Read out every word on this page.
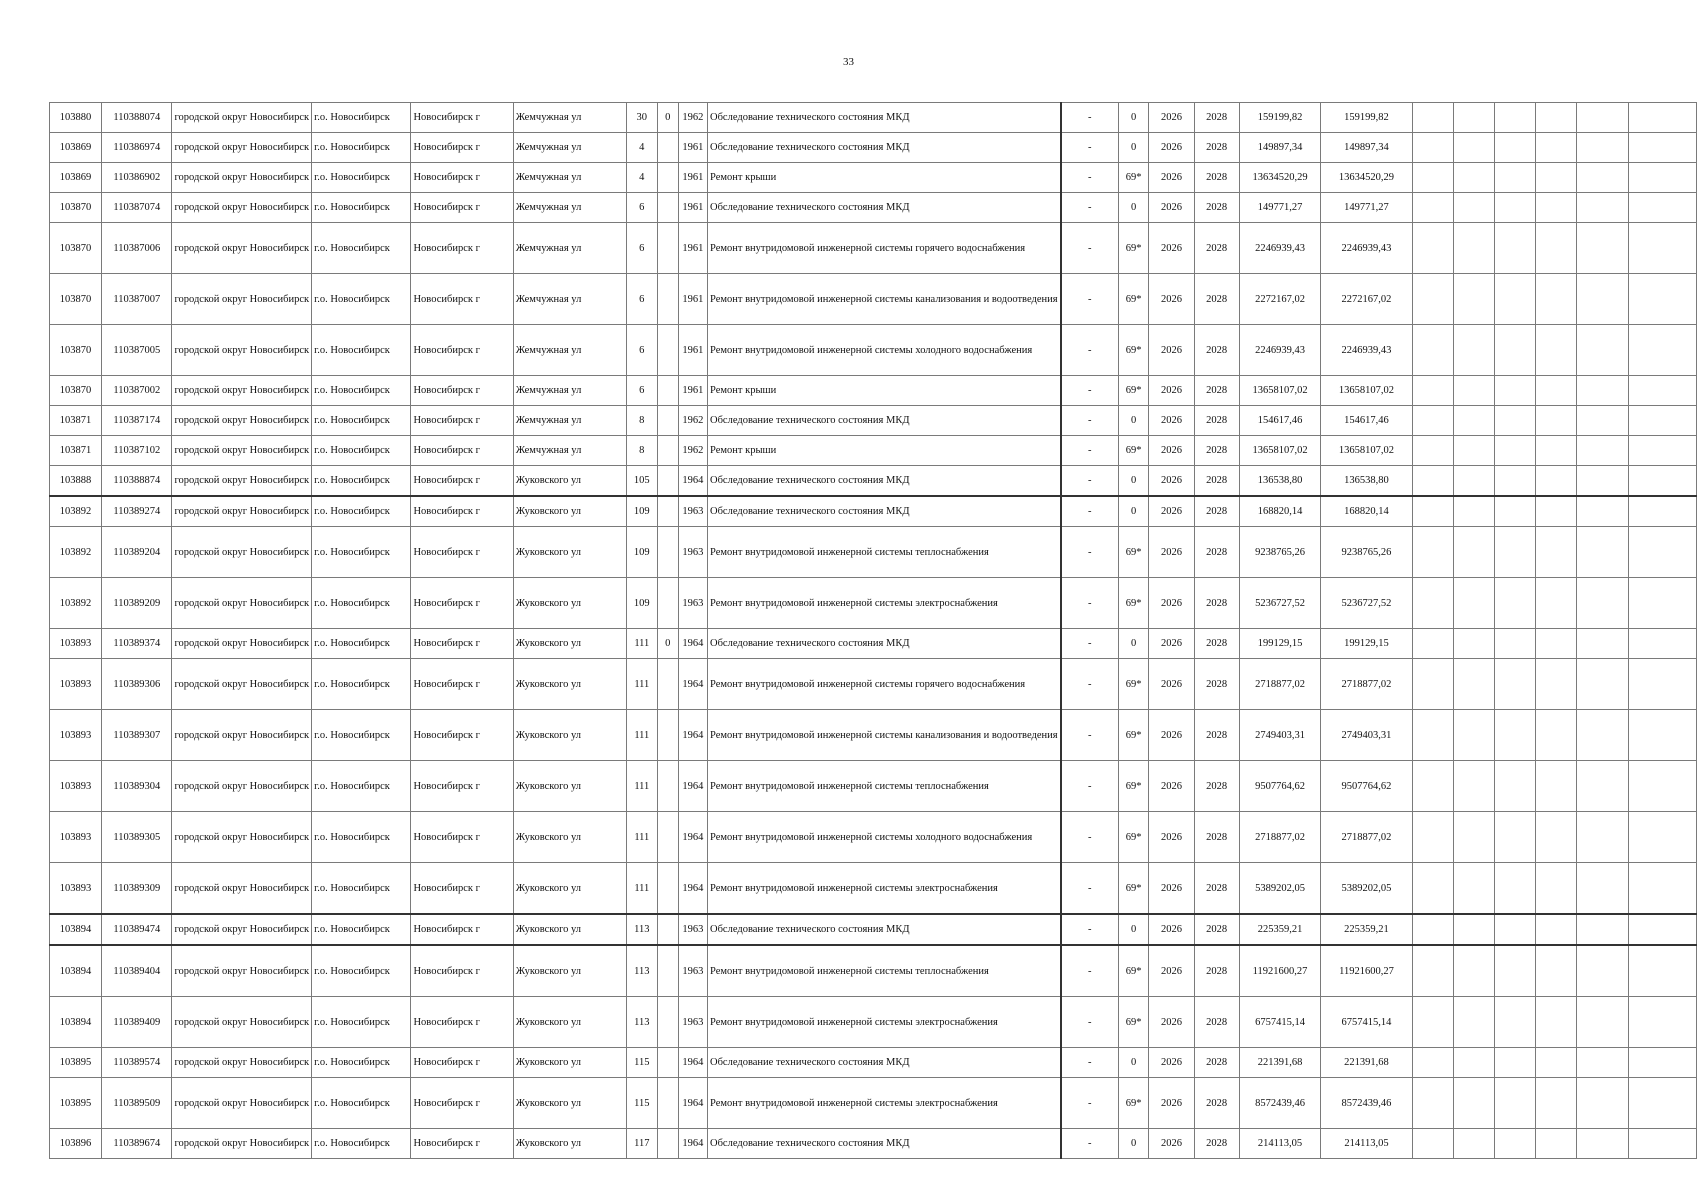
33
103880	110388074	городской округ Новосибирск	г.о. Новосибирск	Новосибирск г	Жемчужная ул	30	0	1962	Обследование технического состояния МКД	-	0	2026	2028	159199,82	159199,82						
103869	110386974	городской округ Новосибирск	г.о. Новосибирск	Новосибирск г	Жемчужная ул	4		1961	Обследование технического состояния МКД	-	0	2026	2028	149897,34	149897,34						
103869	110386902	городской округ Новосибирск	г.о. Новосибирск	Новосибирск г	Жемчужная ул	4		1961	Ремонт крыши	-	69*	2026	2028	13634520,29	13634520,29						
103870	110387074	городской округ Новосибирск	г.о. Новосибирск	Новосибирск г	Жемчужная ул	6		1961	Обследование технического состояния МКД	-	0	2026	2028	149771,27	149771,27						
103870	110387006	городской округ Новосибирск	г.о. Новосибирск	Новосибирск г	Жемчужная ул	6		1961	Ремонт внутридомовой инженерной системы горячего водоснабжения	-	69*	2026	2028	2246939,43	2246939,43						
103870	110387007	городской округ Новосибирск	г.о. Новосибирск	Новосибирск г	Жемчужная ул	6		1961	Ремонт внутридомовой инженерной системы канализования и водоотведения	-	69*	2026	2028	2272167,02	2272167,02						
103870	110387005	городской округ Новосибирск	г.о. Новосибирск	Новосибирск г	Жемчужная ул	6		1961	Ремонт внутридомовой инженерной системы холодного водоснабжения	-	69*	2026	2028	2246939,43	2246939,43						
103870	110387002	городской округ Новосибирск	г.о. Новосибирск	Новосибирск г	Жемчужная ул	6		1961	Ремонт крыши	-	69*	2026	2028	13658107,02	13658107,02						
103871	110387174	городской округ Новосибирск	г.о. Новосибирск	Новосибирск г	Жемчужная ул	8		1962	Обследование технического состояния МКД	-	0	2026	2028	154617,46	154617,46						
103871	110387102	городской округ Новосибирск	г.о. Новосибирск	Новосибирск г	Жемчужная ул	8		1962	Ремонт крыши	-	69*	2026	2028	13658107,02	13658107,02						
103888	110388874	городской округ Новосибирск	г.о. Новосибирск	Новосибирск г	Жуковского ул	105		1964	Обследование технического состояния МКД	-	0	2026	2028	136538,80	136538,80						
103892	110389274	городской округ Новосибирск	г.о. Новосибирск	Новосибирск г	Жуковского ул	109		1963	Обследование технического состояния МКД	-	0	2026	2028	168820,14	168820,14						
103892	110389204	городской округ Новосибирск	г.о. Новосибирск	Новосибирск г	Жуковского ул	109		1963	Ремонт внутридомовой инженерной системы теплоснабжения	-	69*	2026	2028	9238765,26	9238765,26						
103892	110389209	городской округ Новосибирск	г.о. Новосибирск	Новосибирск г	Жуковского ул	109		1963	Ремонт внутридомовой инженерной системы электроснабжения	-	69*	2026	2028	5236727,52	5236727,52						
103893	110389374	городской округ Новосибирск	г.о. Новосибирск	Новосибирск г	Жуковского ул	111	0	1964	Обследование технического состояния МКД	-	0	2026	2028	199129,15	199129,15						
103893	110389306	городской округ Новосибирск	г.о. Новосибирск	Новосибирск г	Жуковского ул	111		1964	Ремонт внутридомовой инженерной системы горячего водоснабжения	-	69*	2026	2028	2718877,02	2718877,02						
103893	110389307	городской округ Новосибирск	г.о. Новосибирск	Новосибирск г	Жуковского ул	111		1964	Ремонт внутридомовой инженерной системы канализования и водоотведения	-	69*	2026	2028	2749403,31	2749403,31						
103893	110389304	городской округ Новосибирск	г.о. Новосибирск	Новосибирск г	Жуковского ул	111		1964	Ремонт внутридомовой инженерной системы теплоснабжения	-	69*	2026	2028	9507764,62	9507764,62						
103893	110389305	городской округ Новосибирск	г.о. Новосибирск	Новосибирск г	Жуковского ул	111		1964	Ремонт внутридомовой инженерной системы холодного водоснабжения	-	69*	2026	2028	2718877,02	2718877,02						
103893	110389309	городской округ Новосибирск	г.о. Новосибирск	Новосибирск г	Жуковского ул	111		1964	Ремонт внутридомовой инженерной системы электроснабжения	-	69*	2026	2028	5389202,05	5389202,05						
103894	110389474	городской округ Новосибирск	г.о. Новосибирск	Новосибирск г	Жуковского ул	113		1963	Обследование технического состояния МКД	-	0	2026	2028	225359,21	225359,21						
103894	110389404	городской округ Новосибирск	г.о. Новосибирск	Новосибирск г	Жуковского ул	113		1963	Ремонт внутридомовой инженерной системы теплоснабжения	-	69*	2026	2028	11921600,27	11921600,27						
103894	110389409	городской округ Новосибирск	г.о. Новосибирск	Новосибирск г	Жуковского ул	113		1963	Ремонт внутридомовой инженерной системы электроснабжения	-	69*	2026	2028	6757415,14	6757415,14						
103895	110389574	городской округ Новосибирск	г.о. Новосибирск	Новосибирск г	Жуковского ул	115		1964	Обследование технического состояния МКД	-	0	2026	2028	221391,68	221391,68						
103895	110389509	городской округ Новосибирск	г.о. Новосибирск	Новосибирск г	Жуковского ул	115		1964	Ремонт внутридомовой инженерной системы электроснабжения	-	69*	2026	2028	8572439,46	8572439,46						
103896	110389674	городской округ Новосибирск	г.о. Новосибирск	Новосибирск г	Жуковского ул	117		1964	Обследование технического состояния МКД	-	0	2026	2028	214113,05	214113,05						
